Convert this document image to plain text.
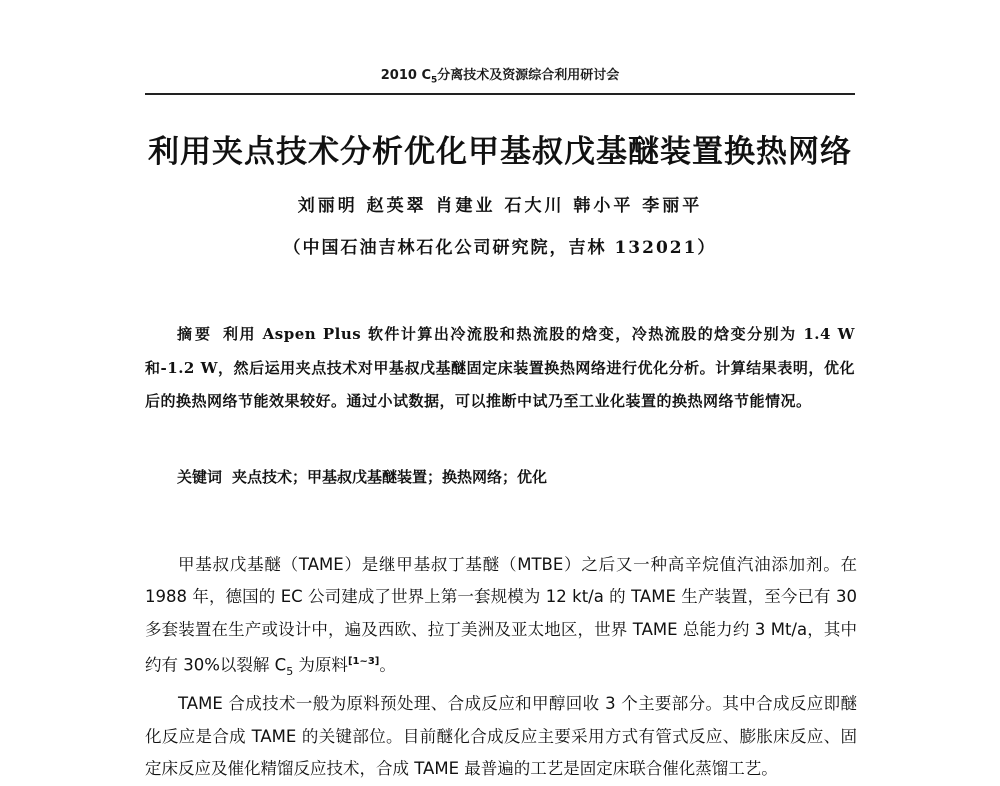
2010 $C_5$分离技术及资源综合利用研讨会
利用夹点技术分析优化甲基叔戊基醚装置换热网络
刘丽明 赵英翠 肖建业 石大川 韩小平 李丽平
（中国石油吉林石化公司研究院，吉林 132021）
摘要 利用 Aspen Plus 软件计算出冷流股和热流股的焓变，冷热流股的焓变分别为 1.4 W和-1.2 W，然后运用夹点技术对甲基叔戊基醚固定床装置换热网络进行优化分析。计算结果表明，优化后的换热网络节能效果较好。通过小试数据，可以推断中试乃至工业化装置的换热网络节能情况。
关键词 夹点技术；甲基叔戊基醚装置；换热网络；优化

甲基叔戊基醚（TAME）是继甲基叔丁基醚（MTBE）之后又一种高辛烷值汽油添加剂。在 1988 年，德国的 EC 公司建成了世界上第一套规模为 12 kt/a 的 TAME 生产装置，至今已有 30 多套装置在生产或设计中，遍及西欧、拉丁美洲及亚太地区，世界 TAME 总能力约 3 Mt/a，其中约有 30%以裂解 $C_5$ 为原料[1~3]。

TAME 合成技术一般为原料预处理、合成反应和甲醇回收 3 个主要部分。其中合成反应即醚化反应是合成 TAME 的关键部位。目前醚化合成反应主要采用方式有管式反应、膨胀床反应、固定床反应及催化精馏反应技术，合成 TAME 最普遍的工艺是固定床联合催化蒸馏工艺。
